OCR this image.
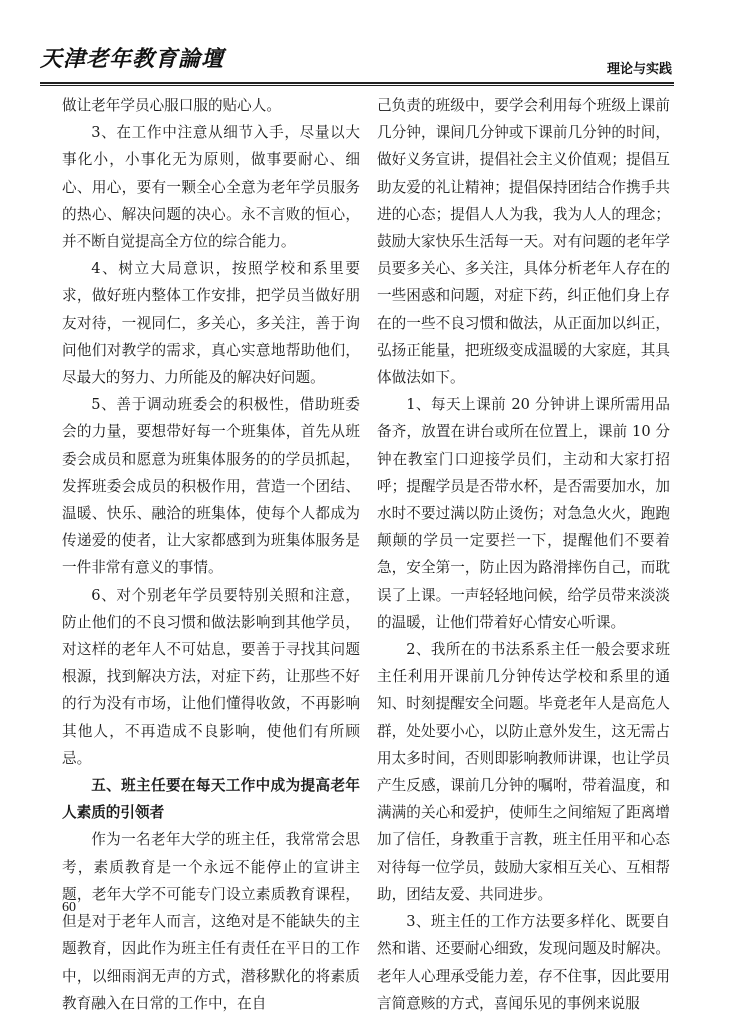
天津老年教育論壇	理论与实践

做让老年学员心服口服的贴心人。

3、在工作中注意从细节入手，尽量以大事化小，小事化无为原则，做事要耐心、细心、用心，要有一颗全心全意为老年学员服务的热心、解决问题的决心。永不言败的恒心，并不断自觉提高全方位的综合能力。

4、树立大局意识，按照学校和系里要求，做好班内整体工作安排，把学员当做好朋友对待，一视同仁，多关心，多关注，善于询问他们对教学的需求，真心实意地帮助他们，尽最大的努力、力所能及的解决好问题。

5、善于调动班委会的积极性，借助班委会的力量，要想带好每一个班集体，首先从班委会成员和愿意为班集体服务的的学员抓起，发挥班委会成员的积极作用，营造一个团结、温暖、快乐、融洽的班集体，使每个人都成为传递爱的使者，让大家都感到为班集体服务是一件非常有意义的事情。

6、对个别老年学员要特别关照和注意，防止他们的不良习惯和做法影响到其他学员，对这样的老年人不可姑息，要善于寻找其问题根源，找到解决方法，对症下药，让那些不好的行为没有市场，让他们懂得收敛，不再影响其他人，不再造成不良影响，使他们有所顾忌。

五、班主任要在每天工作中成为提高老年人素质的引领者

作为一名老年大学的班主任，我常常会思考，素质教育是一个永远不能停止的宣讲主题，老年大学不可能专门设立素质教育课程，但是对于老年人而言，这绝对是不能缺失的主题教育，因此作为班主任有责任在平日的工作中，以细雨润无声的方式，潜移默化的将素质教育融入在日常的工作中，在自

己负责的班级中，要学会利用每个班级上课前几分钟，课间几分钟或下课前几分钟的时间，做好义务宣讲，提倡社会主义价值观；提倡互助友爱的礼让精神；提倡保持团结合作携手共进的心态；提倡人人为我，我为人人的理念；鼓励大家快乐生活每一天。对有问题的老年学员要多关心、多关注，具体分析老年人存在的一些困惑和问题，对症下药，纠正他们身上存在的一些不良习惯和做法，从正面加以纠正，弘扬正能量，把班级变成温暖的大家庭，其具体做法如下。

1、每天上课前 20 分钟讲上课所需用品备齐，放置在讲台或所在位置上，课前 10 分钟在教室门口迎接学员们，主动和大家打招呼；提醒学员是否带水杯，是否需要加水，加水时不要过满以防止烫伤；对急急火火，跑跑颠颠的学员一定要拦一下，提醒他们不要着急，安全第一，防止因为路滑摔伤自己，而耽误了上课。一声轻轻地问候，给学员带来淡淡的温暖，让他们带着好心情安心听课。

2、我所在的书法系系主任一般会要求班主任利用开课前几分钟传达学校和系里的通知、时刻提醒安全问题。毕竟老年人是高危人群，处处要小心，以防止意外发生，这无需占用太多时间，否则即影响教师讲课，也让学员产生反感，课前几分钟的嘱咐，带着温度，和满满的关心和爱护，使师生之间缩短了距离增加了信任，身教重于言教，班主任用平和心态对待每一位学员，鼓励大家相互关心、互相帮助，团结友爱、共同进步。

3、班主任的工作方法要多样化、既要自然和谐、还要耐心细致，发现问题及时解决。老年人心理承受能力差，存不住事，因此要用言简意赅的方式，喜闻乐见的事例来说服

60
